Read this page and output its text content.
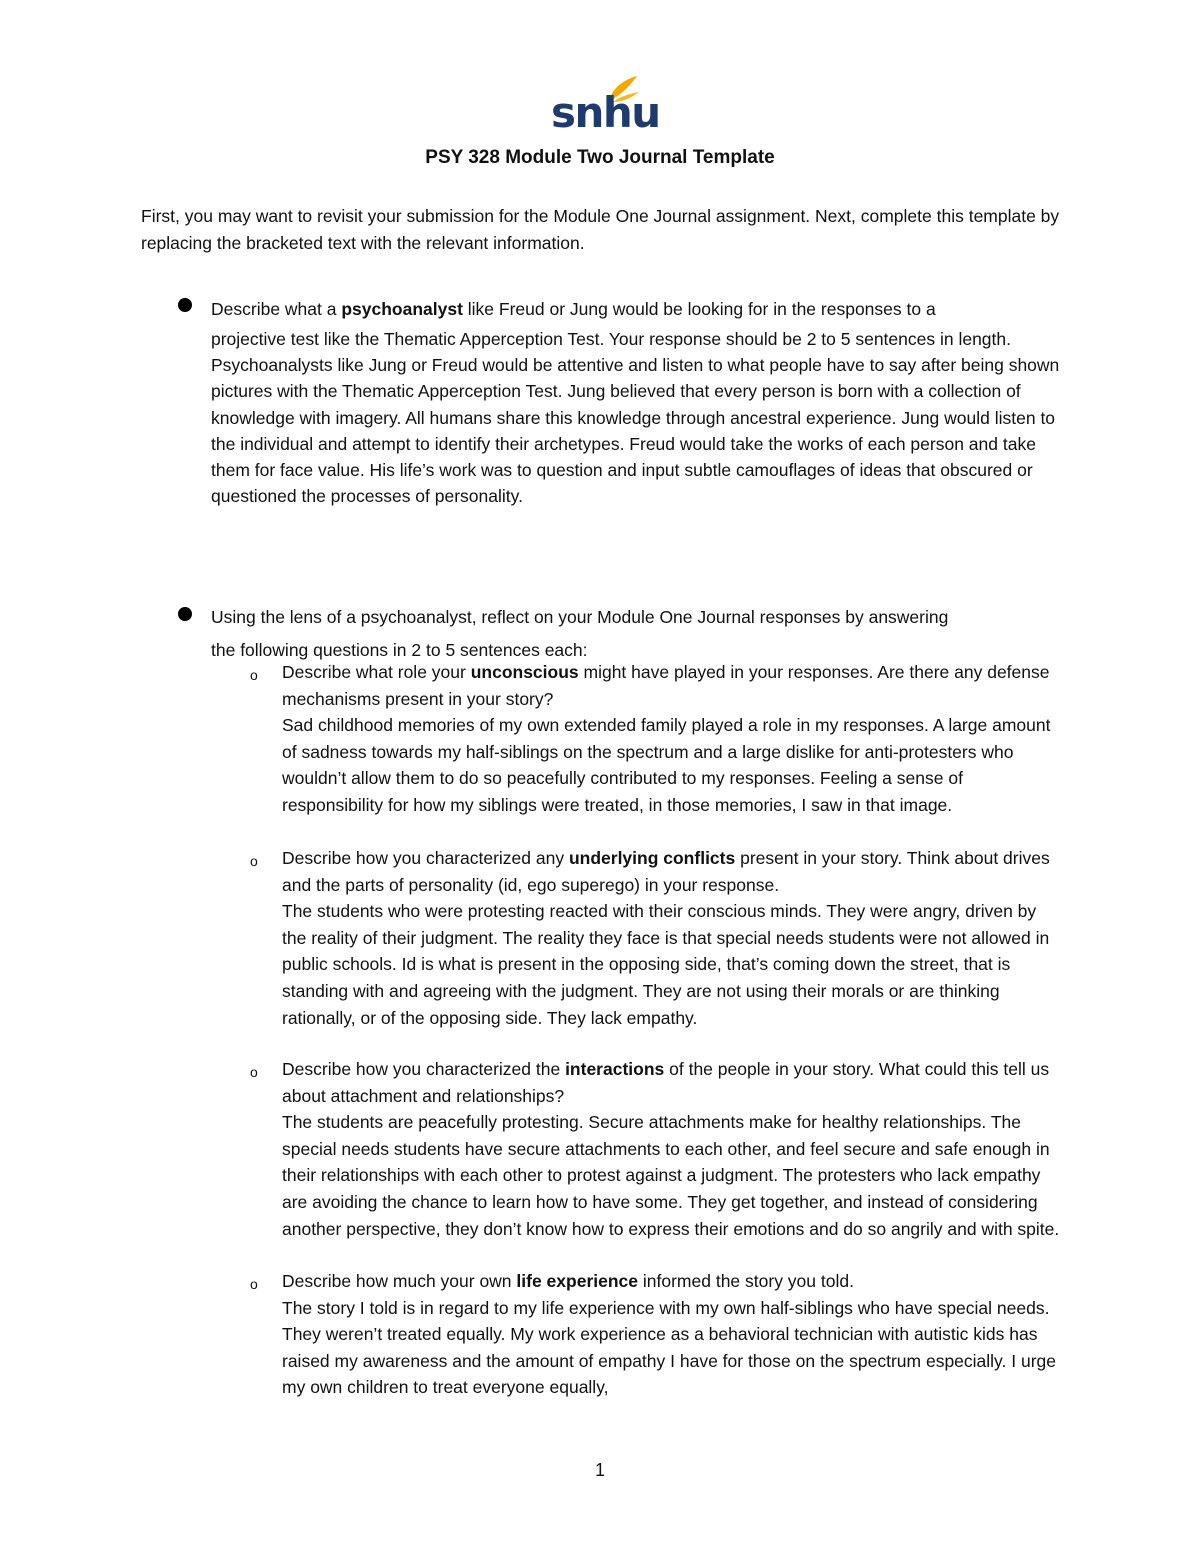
snhu
PSY 328 Module Two Journal Template

First, you may want to revisit your submission for the Module One Journal assignment. Next, complete this template by replacing the bracketed text with the relevant information.

Describe what a psychoanalyst like Freud or Jung would be looking for in the responses to a

projective test like the Thematic Apperception Test. Your response should be 2 to 5 sentences in length.

Psychoanalysts like Jung or Freud would be attentive and listen to what people have to say after being shown pictures with the Thematic Apperception Test. Jung believed that every person is born with a collection of knowledge with imagery. All humans share this knowledge through ancestral experience. Jung would listen to the individual and attempt to identify their archetypes. Freud would take the works of each person and take them for face value. His life’s work was to question and input subtle camouflages of ideas that obscured or questioned the processes of personality.

Using the lens of a psychoanalyst, reflect on your Module One Journal responses by answering
the following questions in 2 to 5 sentences each:
o Describe what role your unconscious might have played in your responses. Are there any defense mechanisms present in your story?

Sad childhood memories of my own extended family played a role in my responses. A large amount of sadness towards my half-siblings on the spectrum and a large dislike for anti-protesters who wouldn’t allow them to do so peacefully contributed to my responses. Feeling a sense of responsibility for how my siblings were treated, in those memories, I saw in that image.

o Describe how you characterized any underlying conflicts present in your story. Think about drives and the parts of personality (id, ego superego) in your response.

The students who were protesting reacted with their conscious minds. They were angry, driven by the reality of their judgment. The reality they face is that special needs students were not allowed in public schools. Id is what is present in the opposing side, that’s coming down the street, that is standing with and agreeing with the judgment. They are not using their morals or are thinking rationally, or of the opposing side. They lack empathy.

o Describe how you characterized the interactions of the people in your story. What could this tell us about attachment and relationships?

The students are peacefully protesting. Secure attachments make for healthy relationships. The special needs students have secure attachments to each other, and feel secure and safe enough in their relationships with each other to protest against a judgment. The protesters who lack empathy are avoiding the chance to learn how to have some. They get together, and instead of considering another perspective, they don’t know how to express their emotions and do so angrily and with spite.

o Describe how much your own life experience informed the story you told.

The story I told is in regard to my life experience with my own half-siblings who have special needs. They weren’t treated equally. My work experience as a behavioral technician with autistic kids has raised my awareness and the amount of empathy I have for those on the spectrum especially. I urge my own children to treat everyone equally,

1
